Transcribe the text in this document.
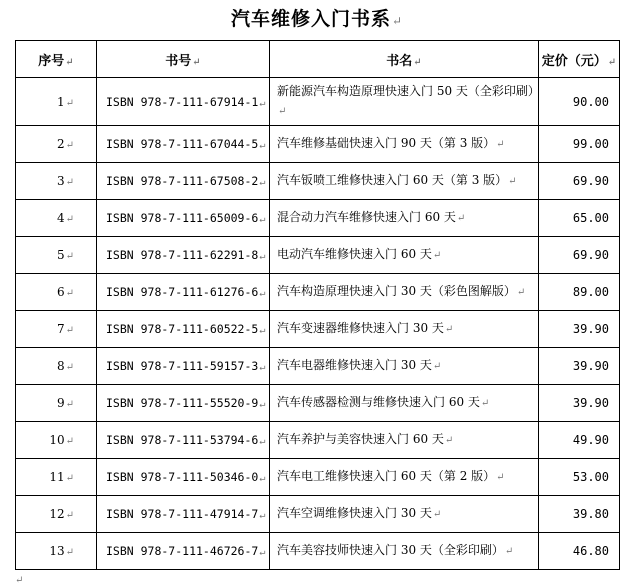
汽车维修入门书系↵
序号↵	书号↵	书名↵	定价（元）↵
1↵	ISBN 978-7-111-67914-1↵	新能源汽车构造原理快速入门 50 天（全彩印刷）↵	90.00
2↵	ISBN 978-7-111-67044-5↵	汽车维修基础快速入门 90 天（第 3 版）↵	99.00
3↵	ISBN 978-7-111-67508-2↵	汽车钣喷工维修快速入门 60 天（第 3 版）↵	69.90
4↵	ISBN 978-7-111-65009-6↵	混合动力汽车维修快速入门 60 天↵	65.00
5↵	ISBN 978-7-111-62291-8↵	电动汽车维修快速入门 60 天↵	69.90
6↵	ISBN 978-7-111-61276-6↵	汽车构造原理快速入门 30 天（彩色图解版）↵	89.00
7↵	ISBN 978-7-111-60522-5↵	汽车变速器维修快速入门 30 天↵	39.90
8↵	ISBN 978-7-111-59157-3↵	汽车电器维修快速入门 30 天↵	39.90
9↵	ISBN 978-7-111-55520-9↵	汽车传感器检测与维修快速入门 60 天↵	39.90
10↵	ISBN 978-7-111-53794-6↵	汽车养护与美容快速入门 60 天↵	49.90
11↵	ISBN 978-7-111-50346-0↵	汽车电工维修快速入门 60 天（第 2 版）↵	53.00
12↵	ISBN 978-7-111-47914-7↵	汽车空调维修快速入门 30 天↵	39.80
13↵	ISBN 978-7-111-46726-7↵	汽车美容技师快速入门 30 天（全彩印刷）↵	46.80
↵
